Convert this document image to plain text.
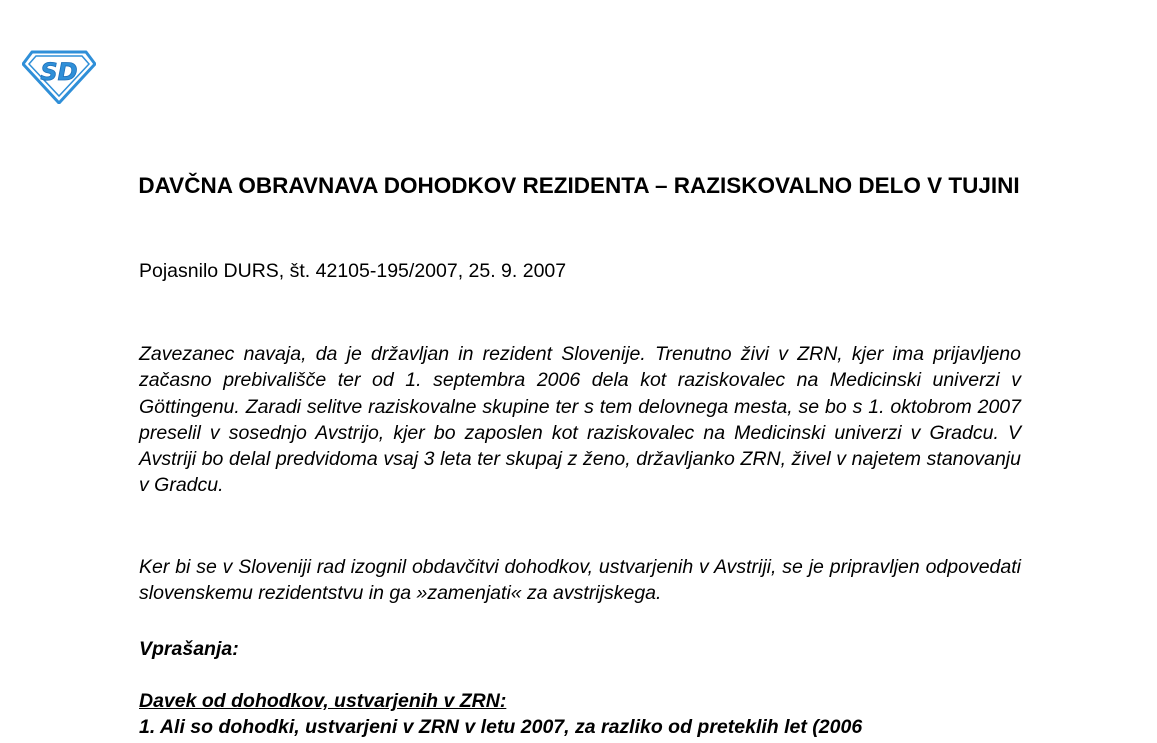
SD
DAVČNA OBRAVNAVA DOHODKOV REZIDENTA – RAZISKOVALNO DELO V TUJINI
Pojasnilo DURS, št. 42105-195/2007, 25. 9. 2007
Zavezanec navaja, da je državljan in rezident Slovenije. Trenutno živi v ZRN, kjer ima prijavljeno začasno prebivališče ter od 1. septembra 2006 dela kot raziskovalec na Medicinski univerzi v Göttingenu. Zaradi selitve raziskovalne skupine ter s tem delovnega mesta, se bo s 1. oktobrom 2007 preselil v sosednjo Avstrijo, kjer bo zaposlen kot raziskovalec na Medicinski univerzi v Gradcu. V Avstriji bo delal predvidoma vsaj 3 leta ter skupaj z ženo, državljanko ZRN, živel v najetem stanovanju v Gradcu.
Ker bi se v Sloveniji rad izognil obdavčitvi dohodkov, ustvarjenih v Avstriji, se je pripravljen odpovedati slovenskemu rezidentstvu in ga »zamenjati« za avstrijskega.
Vprašanja:
Davek od dohodkov, ustvarjenih v ZRN:
1. Ali so dohodki, ustvarjeni v ZRN v letu 2007, za razliko od preteklih let (2006
